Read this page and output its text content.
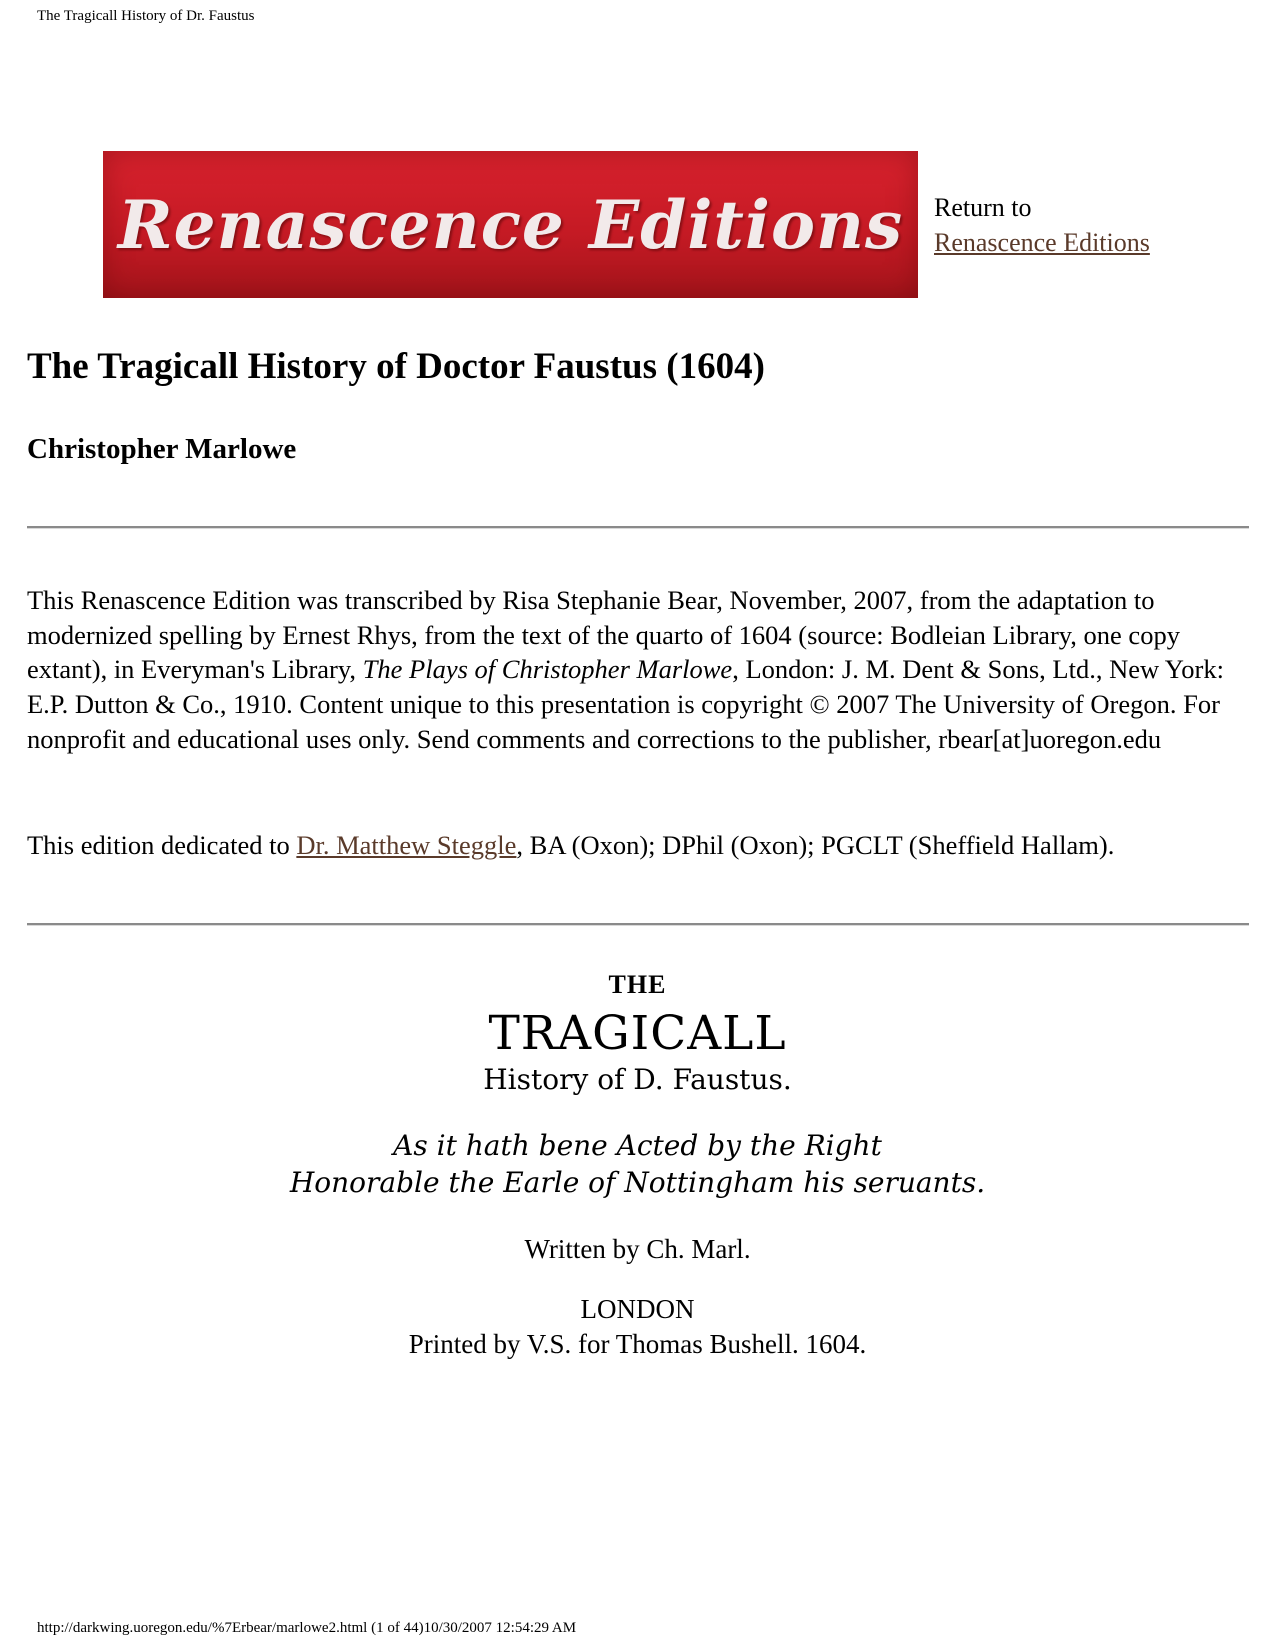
The Tragicall History of Dr. Faustus
Renascence Editions Return to
Renascence Editions
The Tragicall History of Doctor Faustus (1604)
Christopher Marlowe

This Renascence Edition was transcribed by Risa Stephanie Bear, November, 2007, from the adaptation to modernized spelling by Ernest Rhys, from the text of the quarto of 1604 (source: Bodleian Library, one copy extant), in Everyman's Library, The Plays of Christopher Marlowe, London: J. M. Dent & Sons, Ltd., New York: E.P. Dutton & Co., 1910. Content unique to this presentation is copyright © 2007 The University of Oregon. For nonprofit and educational uses only. Send comments and corrections to the publisher, rbear[at]uoregon.edu

This edition dedicated to Dr. Matthew Steggle, BA (Oxon); DPhil (Oxon); PGCLT (Sheffield Hallam).

THE
TRAGICALL
History of D. Faustus.
As it hath bene Acted by the Right
Honorable the Earle of Nottingham his seruants.
Written by Ch. Marl.
LONDON
Printed by V.S. for Thomas Bushell. 1604.
http://darkwing.uoregon.edu/%7Erbear/marlowe2.html (1 of 44)10/30/2007 12:54:29 AM
